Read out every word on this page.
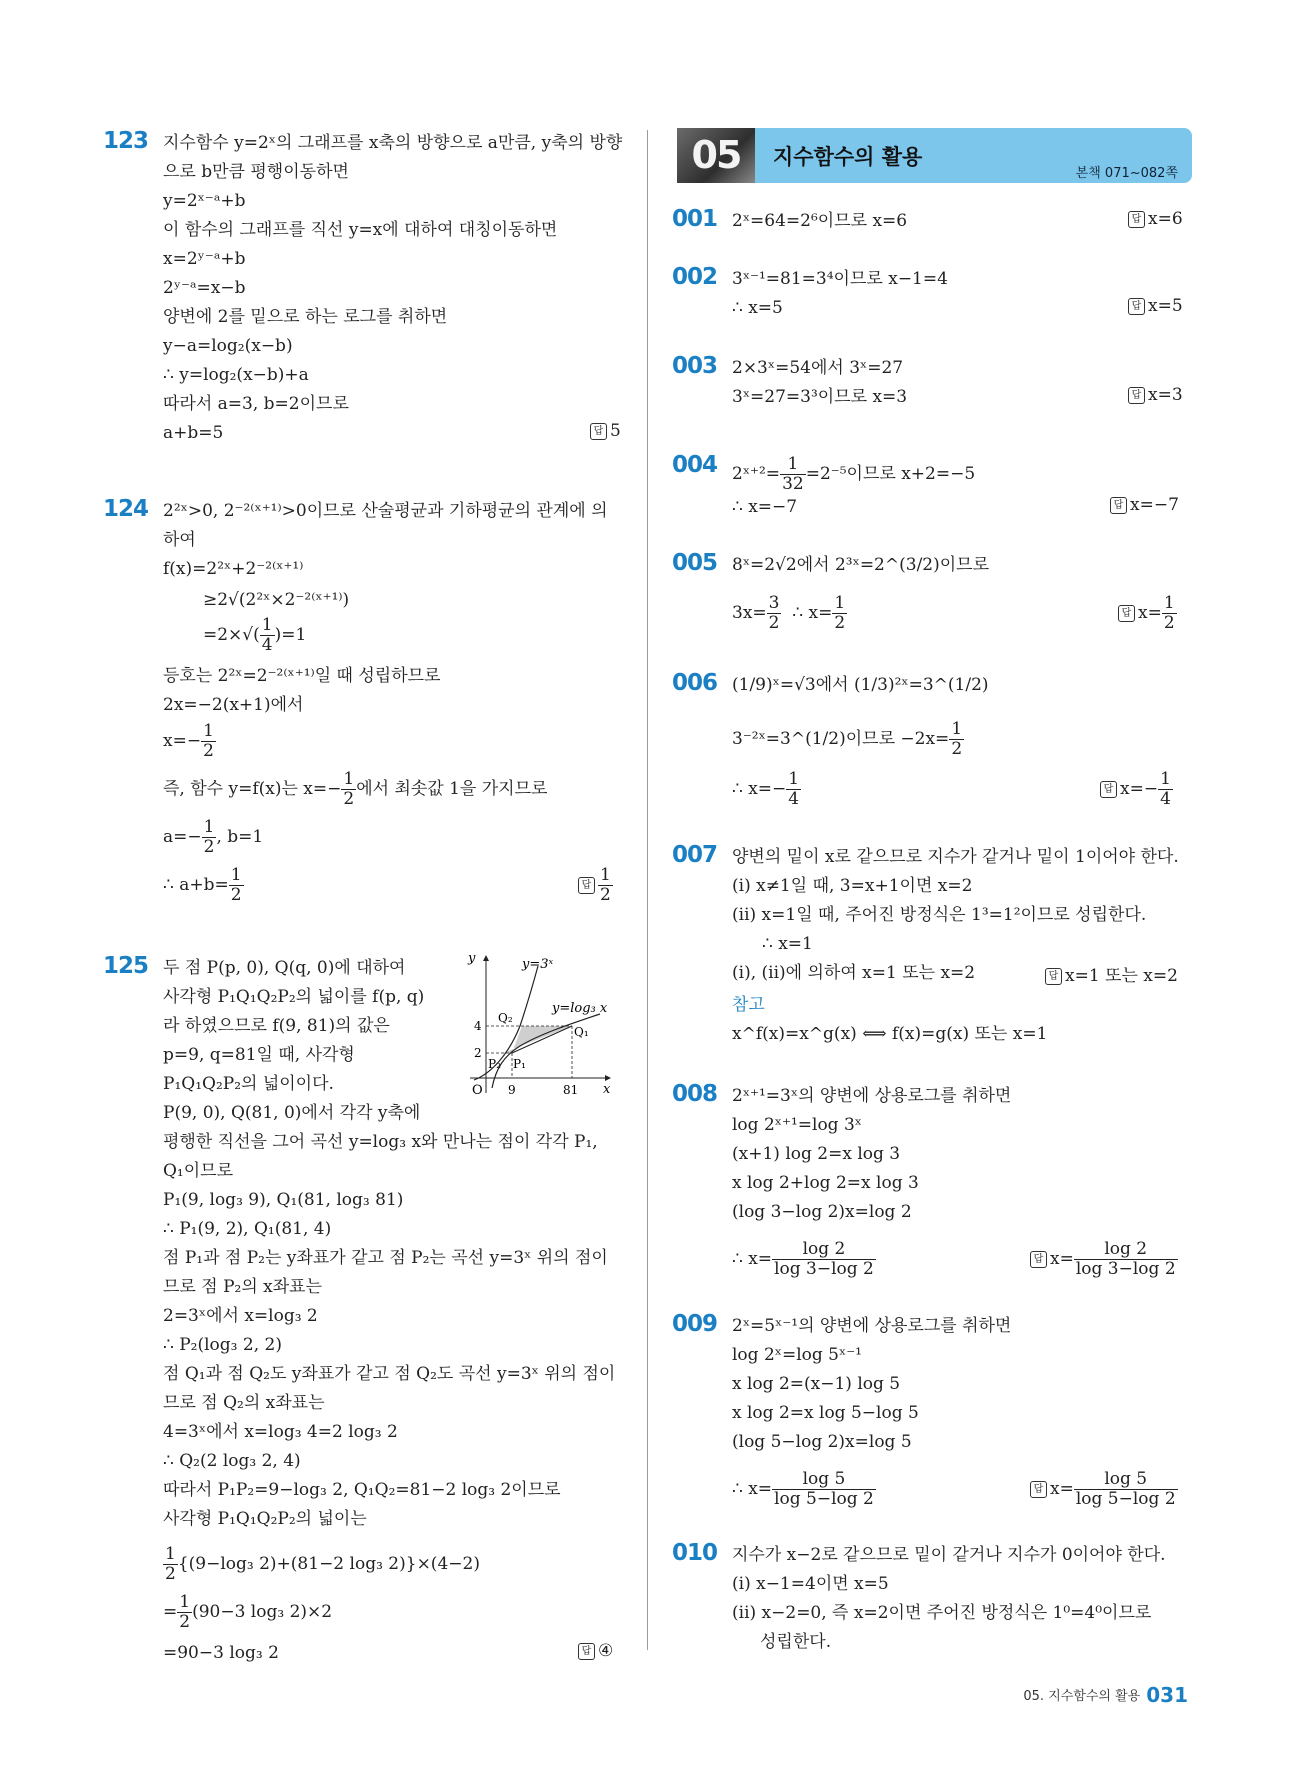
123 지수함수 y=2ˣ의 그래프를 x축의 방향으로 a만큼, y축의 방향
으로 b만큼 평행이동하면
y=2ˣ⁻ᵃ+b
이 함수의 그래프를 직선 y=x에 대하여 대칭이동하면
x=2ʸ⁻ᵃ+b
2ʸ⁻ᵃ=x−b
양변에 2를 밑으로 하는 로그를 취하면
y−a=log₂(x−b)
∴ y=log₂(x−b)+a
따라서 a=3, b=2이므로
a+b=5	답 5
124 2²ˣ>0, 2⁻²⁽ˣ⁺¹⁾>0이므로 산술평균과 기하평균의 관계에 의
하여
f(x)=2²ˣ+2⁻²⁽ˣ⁺¹⁾
≥2√(2²ˣ×2⁻²⁽ˣ⁺¹⁾)
$=2\times√( \frac{1}{4} )=1$
등호는 2²ˣ=2⁻²⁽ˣ⁺¹⁾일 때 성립하므로
2x=−2(x+1)에서
$x=- \frac{1}{2}$
즉, 함수 y=f(x)는 $x=- \frac{1}{2}$ 에서 최솟값 1을 가지므로
$a=- \frac{1}{2}$ , b=1
∴ $a+b= \frac{1}{2}$	답 $\frac{1}{2}$
125 두 점 P(p, 0), Q(q, 0)에 대하여
사각형 P₁Q₁Q₂P₂의 넓이를 f(p, q)
라 하였으므로 f(9, 81)의 값은
p=9, q=81일 때, 사각형
P₁Q₁Q₂P₂의 넓이이다.
P(9, 0), Q(81, 0)에서 각각 y축에
평행한 직선을 그어 곡선 y=log₃ x와 만나는 점이 각각 P₁,
Q₁이므로
P₁(9, log₃ 9), Q₁(81, log₃ 81)
∴ P₁(9, 2), Q₁(81, 4)
점 P₁과 점 P₂는 y좌표가 같고 점 P₂는 곡선 y=3ˣ 위의 점이
므로 점 P₂의 x좌표는
2=3ˣ에서 x=log₃ 2
∴ P₂(log₃ 2, 2)
점 Q₁과 점 Q₂도 y좌표가 같고 점 Q₂도 곡선 y=3ˣ 위의 점이
므로 점 Q₂의 x좌표는
4=3ˣ에서 x=log₃ 4=2 log₃ 2
∴ Q₂(2 log₃ 2, 4)
따라서 P₁P₂=9−log₃ 2, Q₁Q₂=81−2 log₃ 2이므로
사각형 P₁Q₁Q₂P₂의 넓이는
$\frac{1}{2} \{(9-\log_3$ 2)+(81−2 log₃ 2)}×(4−2)
= $\frac{1}{2} (90-3$ log₃ 2)×2
=90−3 log₃ 2	답 ④
y
x
O
y=3ˣ
y=log₃ x
4
2
9	81
Q₂
Q₁
P₂ P₁
05	지수함수의 활용
본책 071~082쪽
001 2ˣ=64=2⁶이므로 x=6	답 x=6
002 3ˣ⁻¹=81=3⁴이므로 x−1=4
∴ x=5	답 x=5
003 2×3ˣ=54에서 3ˣ=27
3ˣ=27=3³이므로 x=3	답 x=3
004 2ˣ⁺²= $\frac{1}{32} =2^{-5}$이므로 x+2=−5
∴ x=−7	답 x=−7
005 8ˣ=2√2에서 2³ˣ=2^(3/2)이므로
$3x= \frac{3}{2}$ ∴ $x= \frac{1}{2}$	답 $x= \frac{1}{2}$
006 (1/9)ˣ=√3에서 (1/3)²ˣ=3^(1/2)
3⁻²ˣ=3^(1/2)이므로 $-2x= \frac{1}{2}$
∴ $x=- \frac{1}{4}$	답 $x=- \frac{1}{4}$
007 양변의 밑이 x로 같으므로 지수가 같거나 밑이 1이어야 한다.
(i) x≠1일 때, 3=x+1이면 x=2
(ii) x=1일 때, 주어진 방정식은 1³=1²이므로 성립한다.
∴ x=1
(i), (ii)에 의하여 x=1 또는 x=2	답 x=1 또는 x=2
참고
x^f(x)=x^g(x) ⟺ f(x)=g(x) 또는 x=1
008 2ˣ⁺¹=3ˣ의 양변에 상용로그를 취하면
log 2ˣ⁺¹=log 3ˣ
(x+1) log 2=x log 3
x log 2+log 2=x log 3
(log 3−log 2)x=log 2
∴ $x= \frac{\log 2}{\log 3-\log 2}$	답 $x= \frac{\log 2}{\log 3-\log 2}$
009 2ˣ=5ˣ⁻¹의 양변에 상용로그를 취하면
log 2ˣ=log 5ˣ⁻¹
x log 2=(x−1) log 5
x log 2=x log 5−log 5
(log 5−log 2)x=log 5
∴ $x= \frac{\log 5}{\log 5-\log 2}$	답 $x= \frac{\log 5}{\log 5-\log 2}$
010 지수가 x−2로 같으므로 밑이 같거나 지수가 0이어야 한다.
(i) x−1=4이면 x=5
(ii) x−2=0, 즉 x=2이면 주어진 방정식은 1⁰=4⁰이므로
성립한다.
05. 지수함수의 활용 031
